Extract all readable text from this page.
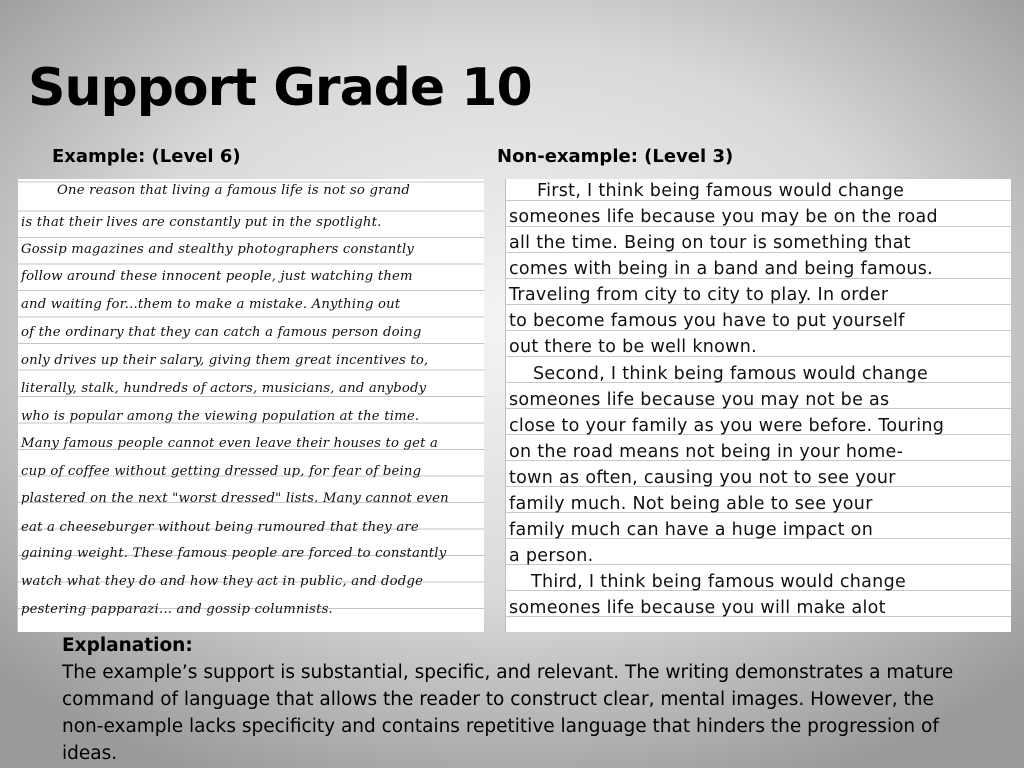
Support Grade 10
Example: (Level 6)	Non-example: (Level 3)
One reason that living a famous life is not so grand
is that their lives are constantly put in the spotlight.
Gossip magazines and stealthy photographers constantly
follow around these innocent people, just watching them
and waiting for...them to make a mistake. Anything out
of the ordinary that they can catch a famous person doing
only drives up their salary, giving them great incentives to,
literally, stalk, hundreds of actors, musicians, and anybody
who is popular among the viewing population at the time.
Many famous people cannot even leave their houses to get a
cup of coffee without getting dressed up, for fear of being
plastered on the next "worst dressed" lists. Many cannot even
eat a cheeseburger without being rumoured that they are
gaining weight. These famous people are forced to constantly
watch what they do and how they act in public, and dodge
pestering papparazi... and gossip columnists.
First, I think being famous would change
someones life because you may be on the road
all the time. Being on tour is something that
comes with being in a band and being famous.
Traveling from city to city to play. In order
to become famous you have to put yourself
out there to be well known.
Second, I think being famous would change
someones life because you may not be as
close to your family as you were before. Touring
on the road means not being in your home-
town as often, causing you not to see your
family much. Not being able to see your
family much can have a huge impact on
a person.
Third, I think being famous would change
someones life because you will make alot
Explanation:
The example’s support is substantial, specific, and relevant. The writing demonstrates a mature command of language that allows the reader to construct clear, mental images. However, the non-example lacks specificity and contains repetitive language that hinders the progression of ideas.
